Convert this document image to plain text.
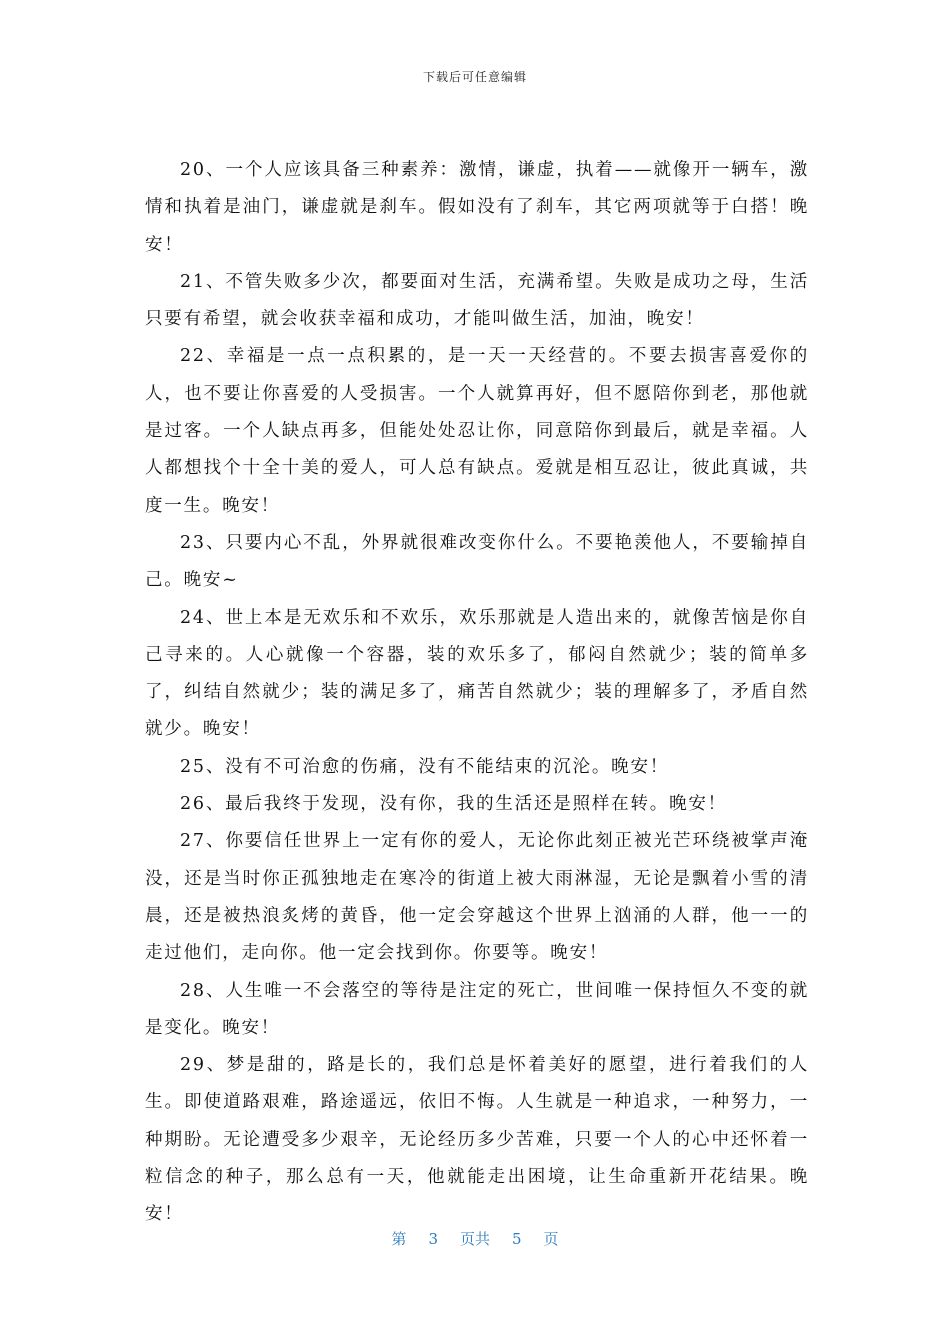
下载后可任意编辑

20、一个人应该具备三种素养：激情，谦虚，执着——就像开一辆车，激情和执着是油门，谦虚就是刹车。假如没有了刹车，其它两项就等于白搭！晚安！

21、不管失败多少次，都要面对生活，充满希望。失败是成功之母，生活只要有希望，就会收获幸福和成功，才能叫做生活，加油，晚安！

22、幸福是一点一点积累的，是一天一天经营的。不要去损害喜爱你的人，也不要让你喜爱的人受损害。一个人就算再好，但不愿陪你到老，那他就是过客。一个人缺点再多，但能处处忍让你，同意陪你到最后，就是幸福。人人都想找个十全十美的爱人，可人总有缺点。爱就是相互忍让，彼此真诚，共度一生。晚安！

23、只要内心不乱，外界就很难改变你什么。不要艳羡他人，不要输掉自己。晚安~

24、世上本是无欢乐和不欢乐，欢乐那就是人造出来的，就像苦恼是你自己寻来的。人心就像一个容器，装的欢乐多了，郁闷自然就少；装的简单多了，纠结自然就少；装的满足多了，痛苦自然就少；装的理解多了，矛盾自然就少。晚安！

25、没有不可治愈的伤痛，没有不能结束的沉沦。晚安！

26、最后我终于发现，没有你，我的生活还是照样在转。晚安！

27、你要信任世界上一定有你的爱人，无论你此刻正被光芒环绕被掌声淹没，还是当时你正孤独地走在寒冷的街道上被大雨淋湿，无论是飘着小雪的清晨，还是被热浪炙烤的黄昏，他一定会穿越这个世界上汹涌的人群，他一一的走过他们，走向你。他一定会找到你。你要等。晚安！

28、人生唯一不会落空的等待是注定的死亡，世间唯一保持恒久不变的就是变化。晚安！

29、梦是甜的，路是长的，我们总是怀着美好的愿望，进行着我们的人生。即使道路艰难，路途遥远，依旧不悔。人生就是一种追求，一种努力，一种期盼。无论遭受多少艰辛，无论经历多少苦难，只要一个人的心中还怀着一粒信念的种子，那么总有一天，他就能走出困境，让生命重新开花结果。晚安！

第 3 页共 5 页
